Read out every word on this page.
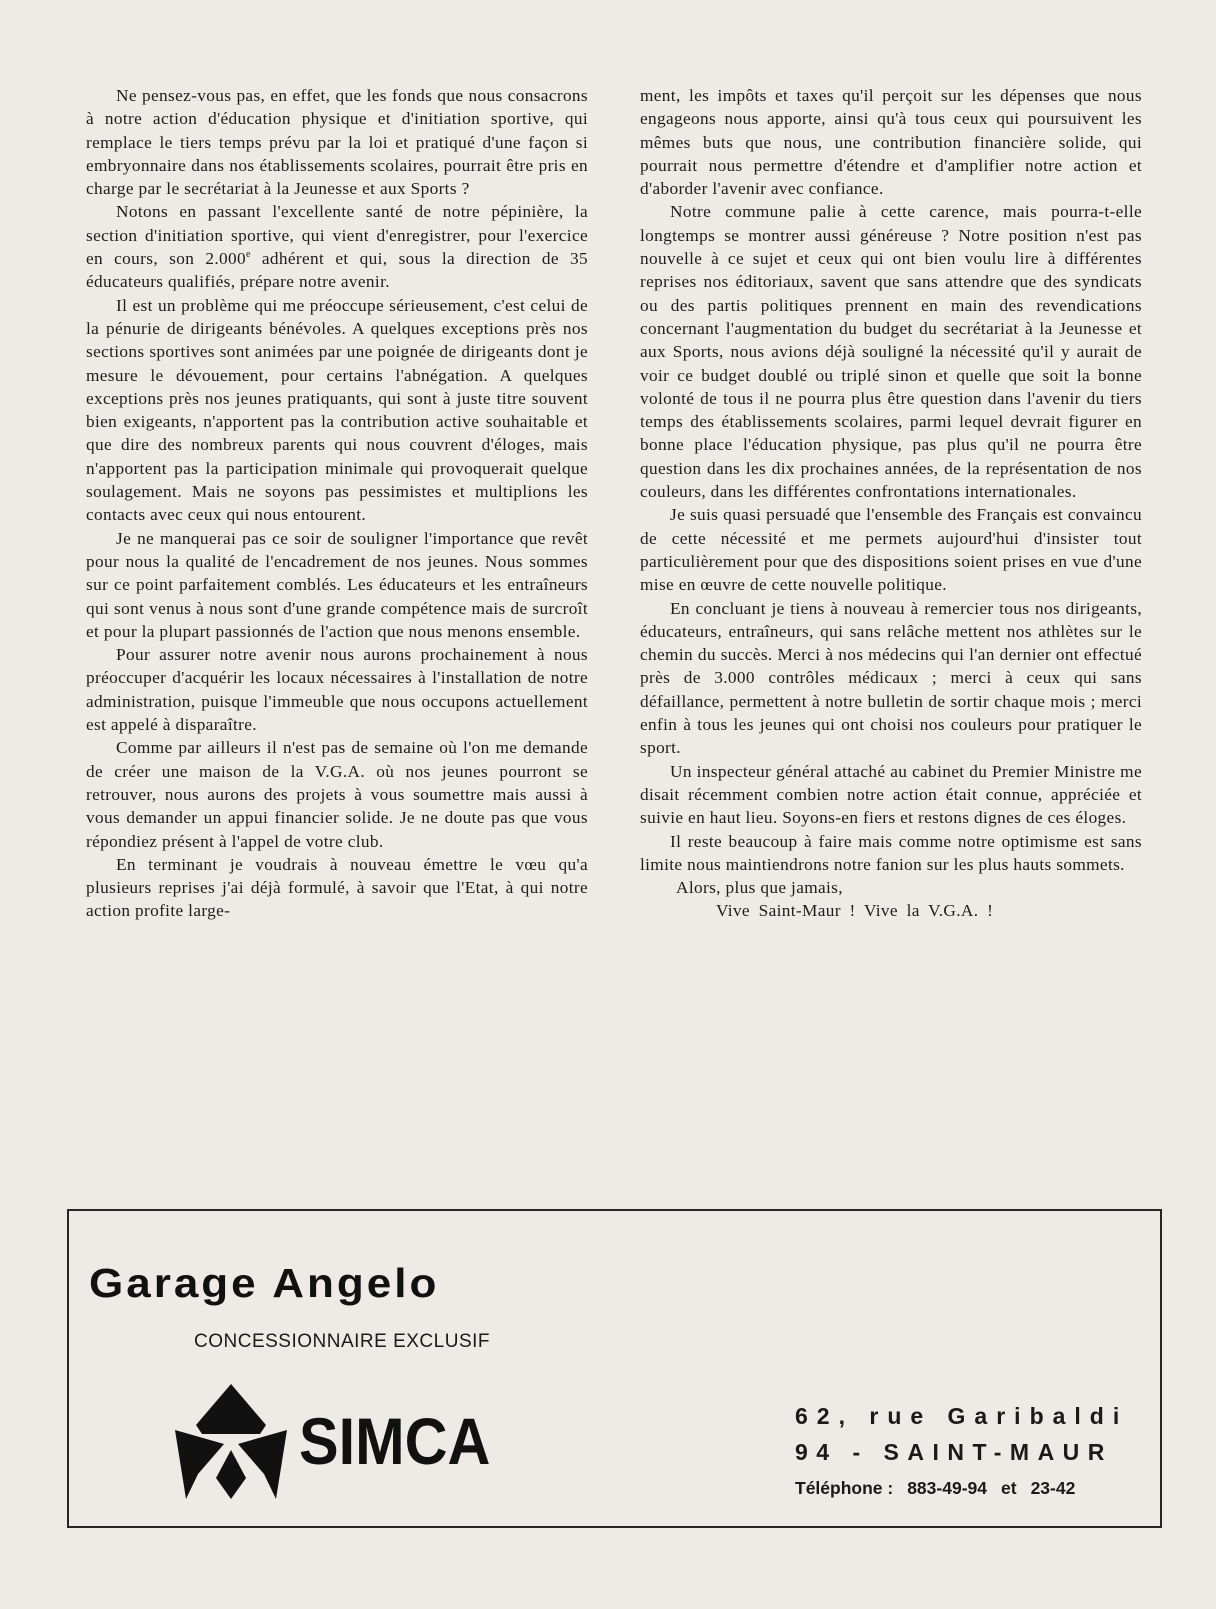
Ne pensez-vous pas, en effet, que les fonds que nous consacrons à notre action d'éducation physique et d'initiation sportive, qui remplace le tiers temps prévu par la loi et pratiqué d'une façon si embryonnaire dans nos établissements scolaires, pourrait être pris en charge par le secrétariat à la Jeunesse et aux Sports ?

Notons en passant l'excellente santé de notre pépinière, la section d'initiation sportive, qui vient d'enregistrer, pour l'exercice en cours, son 2.000e adhérent et qui, sous la direction de 35 éducateurs qualifiés, prépare notre avenir.

Il est un problème qui me préoccupe sérieusement, c'est celui de la pénurie de dirigeants bénévoles. A quelques exceptions près nos sections sportives sont animées par une poignée de dirigeants dont je mesure le dévouement, pour certains l'abnégation. A quelques exceptions près nos jeunes pratiquants, qui sont à juste titre souvent bien exigeants, n'apportent pas la contribution active souhaitable et que dire des nombreux parents qui nous couvrent d'éloges, mais n'apportent pas la participation minimale qui provoquerait quelque soulagement. Mais ne soyons pas pessimistes et multiplions les contacts avec ceux qui nous entourent.

Je ne manquerai pas ce soir de souligner l'importance que revêt pour nous la qualité de l'encadrement de nos jeunes. Nous sommes sur ce point parfaitement comblés. Les éducateurs et les entraîneurs qui sont venus à nous sont d'une grande compétence mais de surcroît et pour la plupart passionnés de l'action que nous menons ensemble.

Pour assurer notre avenir nous aurons prochainement à nous préoccuper d'acquérir les locaux nécessaires à l'installation de notre administration, puisque l'immeuble que nous occupons actuellement est appelé à disparaître.

Comme par ailleurs il n'est pas de semaine où l'on me demande de créer une maison de la V.G.A. où nos jeunes pourront se retrouver, nous aurons des projets à vous soumettre mais aussi à vous demander un appui financier solide. Je ne doute pas que vous répondiez présent à l'appel de votre club.

En terminant je voudrais à nouveau émettre le vœu qu'a plusieurs reprises j'ai déjà formulé, à savoir que l'Etat, à qui notre action profite large-

ment, les impôts et taxes qu'il perçoit sur les dépenses que nous engageons nous apporte, ainsi qu'à tous ceux qui poursuivent les mêmes buts que nous, une contribution financière solide, qui pourrait nous permettre d'étendre et d'amplifier notre action et d'aborder l'avenir avec confiance.

Notre commune palie à cette carence, mais pourra-t-elle longtemps se montrer aussi généreuse ? Notre position n'est pas nouvelle à ce sujet et ceux qui ont bien voulu lire à différentes reprises nos éditoriaux, savent que sans attendre que des syndicats ou des partis politiques prennent en main des revendications concernant l'augmentation du budget du secrétariat à la Jeunesse et aux Sports, nous avions déjà souligné la nécessité qu'il y aurait de voir ce budget doublé ou triplé sinon et quelle que soit la bonne volonté de tous il ne pourra plus être question dans l'avenir du tiers temps des établissements scolaires, parmi lequel devrait figurer en bonne place l'éducation physique, pas plus qu'il ne pourra être question dans les dix prochaines années, de la représentation de nos couleurs, dans les différentes confrontations internationales.

Je suis quasi persuadé que l'ensemble des Français est convaincu de cette nécessité et me permets aujourd'hui d'insister tout particulièrement pour que des dispositions soient prises en vue d'une mise en œuvre de cette nouvelle politique.

En concluant je tiens à nouveau à remercier tous nos dirigeants, éducateurs, entraîneurs, qui sans relâche mettent nos athlètes sur le chemin du succès. Merci à nos médecins qui l'an dernier ont effectué près de 3.000 contrôles médicaux ; merci à ceux qui sans défaillance, permettent à notre bulletin de sortir chaque mois ; merci enfin à tous les jeunes qui ont choisi nos couleurs pour pratiquer le sport.

Un inspecteur général attaché au cabinet du Premier Ministre me disait récemment combien notre action était connue, appréciée et suivie en haut lieu. Soyons-en fiers et restons dignes de ces éloges.

Il reste beaucoup à faire mais comme notre optimisme est sans limite nous maintiendrons notre fanion sur les plus hauts sommets.

Alors, plus que jamais,

Vive Saint-Maur ! Vive la V.G.A. !

Garage Angelo
CONCESSIONNAIRE EXCLUSIF
SIMCA	62, rue Garibaldi
94 - SAINT-MAUR
Téléphone : 883-49-94 et 23-42
